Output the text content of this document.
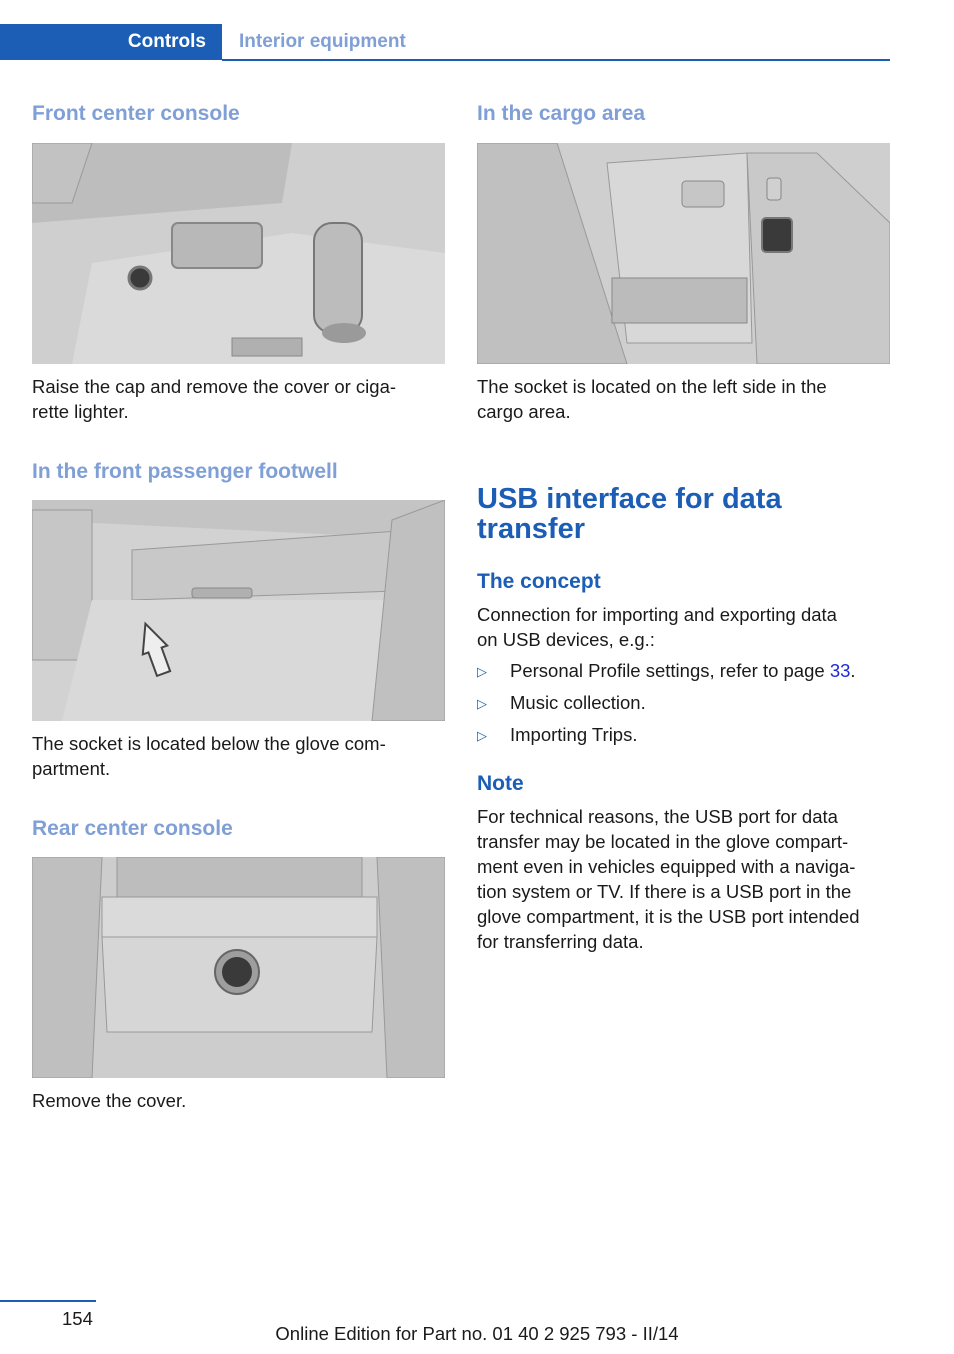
Controls Interior equipment
Front center console

Raise the cap and remove the cover or ciga-
rette lighter.

In the front passenger footwell

The socket is located below the glove com-
partment.

Rear center console

Remove the cover.

In the cargo area

The socket is located on the left side in the
cargo area.

USB interface for data transfer
The concept

Connection for importing and exporting data
on USB devices, e.g.:

▷ Personal Profile settings, refer to page 33.
▷ Music collection.
▷ Importing Trips.
Note

For technical reasons, the USB port for data
transfer may be located in the glove compart-
ment even in vehicles equipped with a naviga-
tion system or TV. If there is a USB port in the
glove compartment, it is the USB port intended
for transferring data.

154
Online Edition for Part no. 01 40 2 925 793 - II/14
